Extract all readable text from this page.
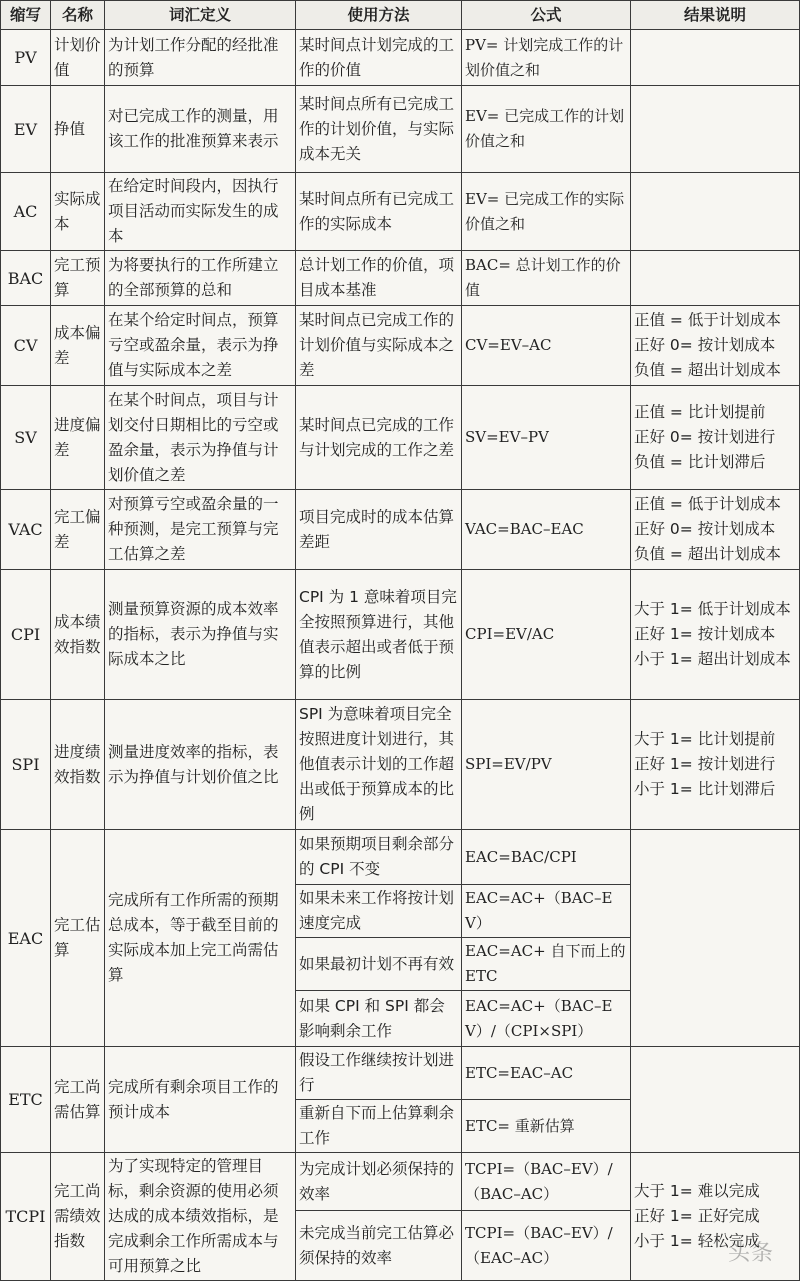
缩写	名称	词汇定义	使用方法	公式	结果说明
PV	计划价值	为计划工作分配的经批准的预算	某时间点计划完成的工作的价值	PV= 计划完成工作的计划价值之和	
EV	挣值	对已完成工作的测量，用该工作的批准预算来表示	某时间点所有已完成工作的计划价值，与实际成本无关	EV= 已完成工作的计划价值之和	
AC	实际成本	在给定时间段内，因执行项目活动而实际发生的成本	某时间点所有已完成工作的实际成本	EV= 已完成工作的实际价值之和	
BAC	完工预算	为将要执行的工作所建立的全部预算的总和	总计划工作的价值，项目成本基准	BAC= 总计划工作的价值	
CV	成本偏差	在某个给定时间点，预算亏空或盈余量，表示为挣值与实际成本之差	某时间点已完成工作的计划价值与实际成本之差	CV=EV–AC	正值 = 低于计划成本
正好 0= 按计划成本
负值 = 超出计划成本
SV	进度偏差	在某个时间点，项目与计划交付日期相比的亏空或盈余量，表示为挣值与计划价值之差	某时间点已完成的工作与计划完成的工作之差	SV=EV–PV	正值 = 比计划提前
正好 0= 按计划进行
负值 = 比计划滞后
VAC	完工偏差	对预算亏空或盈余量的一种预测，是完工预算与完工估算之差	项目完成时的成本估算差距	VAC=BAC–EAC	正值 = 低于计划成本
正好 0= 按计划成本
负值 = 超出计划成本
CPI	成本绩效指数	测量预算资源的成本效率的指标，表示为挣值与实际成本之比	CPI 为 1 意味着项目完全按照预算进行，其他值表示超出或者低于预算的比例	CPI=EV/AC	大于 1= 低于计划成本
正好 1= 按计划成本
小于 1= 超出计划成本
SPI	进度绩效指数	测量进度效率的指标，表示为挣值与计划价值之比	SPI 为意味着项目完全按照进度计划进行，其他值表示计划的工作超出或低于预算成本的比例	SPI=EV/PV	大于 1= 比计划提前
正好 1= 按计划进行
小于 1= 比计划滞后
EAC	完工估算	完成所有工作所需的预期总成本，等于截至目前的实际成本加上完工尚需估算	如果预期项目剩余部分的 CPI 不变	EAC=BAC/CPI	
			如果未来工作将按计划速度完成	EAC=AC+（BAC–EV）	
			如果最初计划不再有效	EAC=AC+ 自下而上的 ETC	
			如果 CPI 和 SPI 都会影响剩余工作	EAC=AC+（BAC–EV）/（CPI×SPI）	
ETC	完工尚需估算	完成所有剩余项目工作的预计成本	假设工作继续按计划进行	ETC=EAC–AC	
			重新自下而上估算剩余工作	ETC= 重新估算	
TCPI	完工尚需绩效指数	为了实现特定的管理目标，剩余资源的使用必须达成的成本绩效指标，是完成剩余工作所需成本与可用预算之比	为完成计划必须保持的效率	TCPI=（BAC–EV）/（BAC–AC）	大于 1= 难以完成
正好 1= 正好完成
小于 1= 轻松完成
			未完成当前完工估算必须保持的效率	TCPI=（BAC–EV）/（EAC–AC）		头条
